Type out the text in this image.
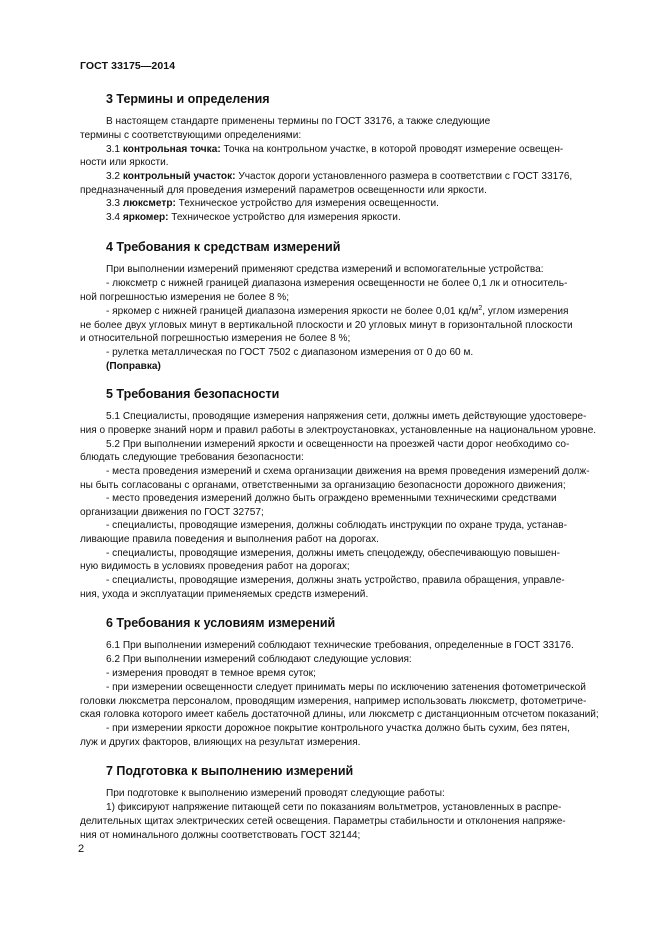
ГОСТ 33175—2014
3 Термины и определения
В настоящем стандарте применены термины по ГОСТ 33176, а также следующие
термины с соответствующими определениями:
3.1 контрольная точка: Точка на контрольном участке, в которой проводят измерение освещен-
ности или яркости.
3.2 контрольный участок: Участок дороги установленного размера в соответствии с ГОСТ 33176,
предназначенный для проведения измерений параметров освещенности или яркости.
3.3 люксметр: Техническое устройство для измерения освещенности.
3.4 яркомер: Техническое устройство для измерения яркости.
4 Требования к средствам измерений
При выполнении измерений применяют средства измерений и вспомогательные устройства:
- люксметр с нижней границей диапазона измерения освещенности не более 0,1 лк и относитель-
ной погрешностью измерения не более 8 %;
- яркомер с нижней границей диапазона измерения яркости не более 0,01 $кд/м^2$, углом измерения
не более двух угловых минут в вертикальной плоскости и 20 угловых минут в горизонтальной плоскости
и относительной погрешностью измерения не более 8 %;
- рулетка металлическая по ГОСТ 7502 с диапазоном измерения от 0 до 60 м.
(Поправка)
5 Требования безопасности
5.1 Специалисты, проводящие измерения напряжения сети, должны иметь действующие удостовере-
ния о проверке знаний норм и правил работы в электроустановках, установленные на национальном уровне.
5.2 При выполнении измерений яркости и освещенности на проезжей части дорог необходимо со-
блюдать следующие требования безопасности:
- места проведения измерений и схема организации движения на время проведения измерений долж-
ны быть согласованы с органами, ответственными за организацию безопасности дорожного движения;
- место проведения измерений должно быть ограждено временными техническими средствами
организации движения по ГОСТ 32757;
- специалисты, проводящие измерения, должны соблюдать инструкции по охране труда, устанав-
ливающие правила поведения и выполнения работ на дорогах.
- специалисты, проводящие измерения, должны иметь спецодежду, обеспечивающую повышен-
ную видимость в условиях проведения работ на дорогах;
- специалисты, проводящие измерения, должны знать устройство, правила обращения, управле-
ния, ухода и эксплуатации применяемых средств измерений.
6 Требования к условиям измерений
6.1 При выполнении измерений соблюдают технические требования, определенные в ГОСТ 33176.
6.2 При выполнении измерений соблюдают следующие условия:
- измерения проводят в темное время суток;
- при измерении освещенности следует принимать меры по исключению затенения фотометрической
головки люксметра персоналом, проводящим измерения, например использовать люксметр, фотометриче-
ская головка которого имеет кабель достаточной длины, или люксметр с дистанционным отсчетом показаний;
- при измерении яркости дорожное покрытие контрольного участка должно быть сухим, без пятен,
луж и других факторов, влияющих на результат измерения.
7 Подготовка к выполнению измерений
При подготовке к выполнению измерений проводят следующие работы:
1) фиксируют напряжение питающей сети по показаниям вольтметров, установленных в распре-
делительных щитах электрических сетей освещения. Параметры стабильности и отклонения напряже-
ния от номинального должны соответствовать ГОСТ 32144;
2
